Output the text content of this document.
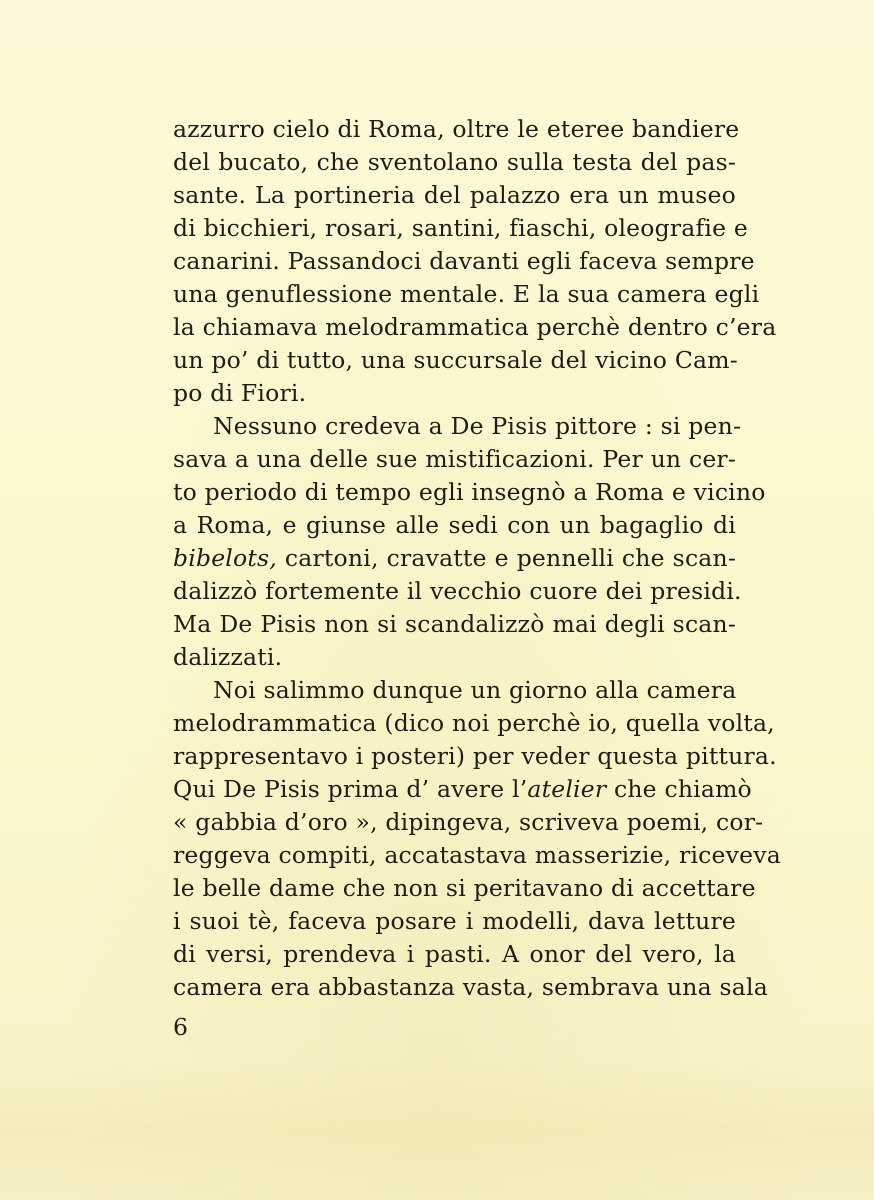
azzurro cielo di Roma, oltre le eteree bandiere
del bucato, che sventolano sulla testa del pas-
sante. La portineria del palazzo era un museo
di bicchieri, rosari, santini, fiaschi, oleografie e
canarini. Passandoci davanti egli faceva sempre
una genuflessione mentale. E la sua camera egli
la chiamava melodrammatica perchè dentro c’era
un po’ di tutto, una succursale del vicino Cam-
po di Fiori.
Nessuno credeva a De Pisis pittore : si pen-
sava a una delle sue mistificazioni. Per un cer-
to periodo di tempo egli insegnò a Roma e vicino
a Roma, e giunse alle sedi con un bagaglio di
bibelots, cartoni, cravatte e pennelli che scan-
dalizzò fortemente il vecchio cuore dei presidi.
Ma De Pisis non si scandalizzò mai degli scan-
dalizzati.
Noi salimmo dunque un giorno alla camera
melodrammatica (dico noi perchè io, quella volta,
rappresentavo i posteri) per veder questa pittura.
Qui De Pisis prima d’ avere l’atelier che chiamò
« gabbia d’oro », dipingeva, scriveva poemi, cor-
reggeva compiti, accatastava masserizie, riceveva
le belle dame che non si peritavano di accettare
i suoi tè, faceva posare i modelli, dava letture
di versi, prendeva i pasti. A onor del vero, la
camera era abbastanza vasta, sembrava una sala
6
